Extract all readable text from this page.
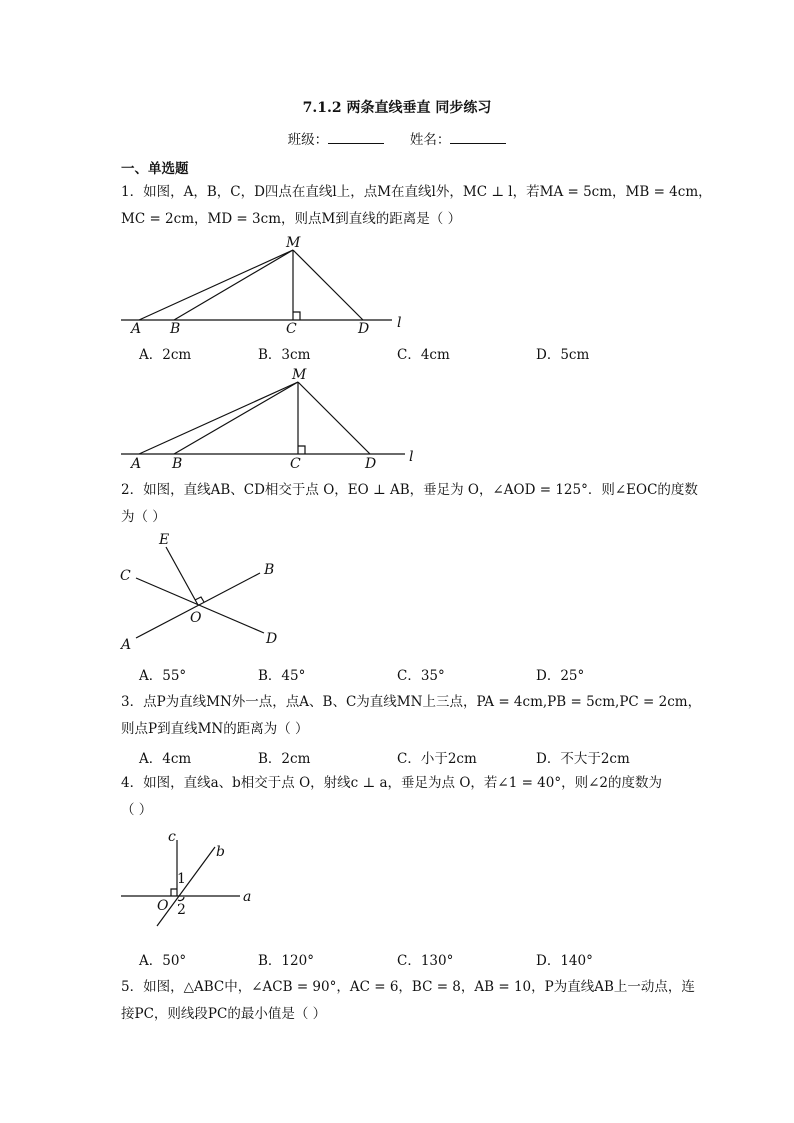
7.1.2 两条直线垂直 同步练习
班级：	姓名：
一、单选题
1．如图，A，B，C，D四点在直线l上，点M在直线l外，MC ⊥ l，若MA = 5cm，MB = 4cm，
MC = 2cm，MD = 3cm，则点M到直线的距离是（ ）
M
A B	C	D l
A．2cm	B．3cm	C．4cm	D．5cm
M
A B	C	D l
2．如图，直线AB、CD相交于点 O，EO ⊥ AB，垂足为 O，∠AOD = 125°．则∠EOC的度数
为（ ）
E
C	B
A
O
D
A．55°	B．45°	C．35°	D．25°
3．点P为直线MN外一点，点A、B、C为直线MN上三点，PA = 4cm,PB = 5cm,PC = 2cm，
则点P到直线MN的距离为（ ）
A．4cm	B．2cm	C．小于2cm	D．不大于2cm
4．如图，直线a、b相交于点 O，射线c ⊥ a，垂足为点 O，若∠1 = 40°，则∠2的度数为
（ ）
c
b
a
O
1
2
A．50°	B．120°	C．130°	D．140°
5．如图，△ABC中，∠ACB = 90°，AC = 6，BC = 8，AB = 10，P为直线AB上一动点，连
接PC，则线段PC的最小值是（ ）
